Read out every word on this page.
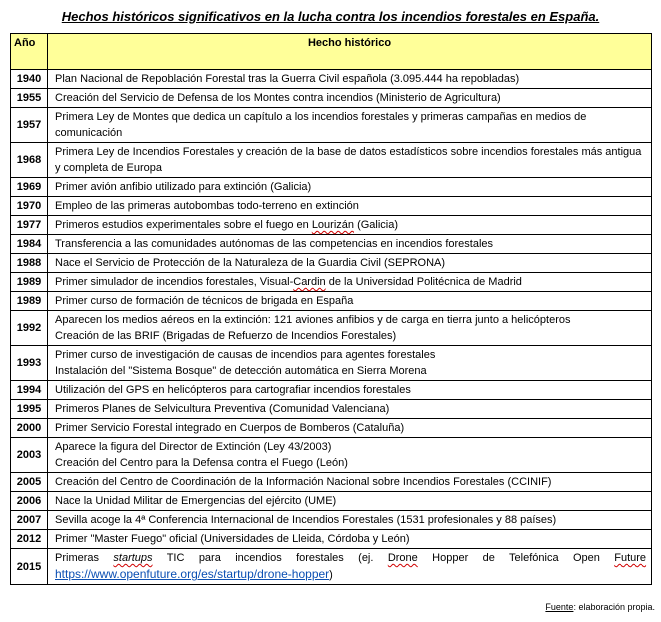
Hechos históricos significativos en la lucha contra los incendios forestales en España.
Año	Hecho histórico
1940	Plan Nacional de Repoblación Forestal tras la Guerra Civil española (3.095.444 ha repobladas)

1955	Creación del Servicio de Defensa de los Montes contra incendios (Ministerio de Agricultura)

1957	Primera Ley de Montes que dedica un capítulo a los incendios forestales y primeras campañas en medios de comunicación

1968	Primera Ley de Incendios Forestales y creación de la base de datos estadísticos sobre incendios forestales más antigua y completa de Europa

1969	Primer avión anfibio utilizado para extinción (Galicia)

1970	Empleo de las primeras autobombas todo-terreno en extinción

1977	Primeros estudios experimentales sobre el fuego en Lourizán (Galicia)

1984	Transferencia a las comunidades autónomas de las competencias en incendios forestales

1988	Nace el Servicio de Protección de la Naturaleza de la Guardia Civil (SEPRONA)

1989	Primer simulador de incendios forestales, Visual-Cardin de la Universidad Politécnica de Madrid

1989	Primer curso de formación de técnicos de brigada en España

1992	Aparecen los medios aéreos en la extinción: 121 aviones anfibios y de carga en tierra junto a helicópteros
Creación de las BRIF (Brigadas de Refuerzo de Incendios Forestales)

1993	Primer curso de investigación de causas de incendios para agentes forestales
Instalación del "Sistema Bosque" de detección automática en Sierra Morena

1994	Utilización del GPS en helicópteros para cartografiar incendios forestales

1995	Primeros Planes de Selvicultura Preventiva (Comunidad Valenciana)

2000	Primer Servicio Forestal integrado en Cuerpos de Bomberos (Cataluña)

2003	Aparece la figura del Director de Extinción (Ley 43/2003)
Creación del Centro para la Defensa contra el Fuego (León)

2005	Creación del Centro de Coordinación de la Información Nacional sobre Incendios Forestales (CCINIF)

2006	Nace la Unidad Militar de Emergencias del ejército (UME)

2007	Sevilla acoge la 4ª Conferencia Internacional de Incendios Forestales (1531 profesionales y 88 países)

2012	Primer "Master Fuego" oficial (Universidades de Lleida, Córdoba y León)

2015	Primeras startups TIC para incendios forestales (ej. Drone Hopper de Telefónica Open Future
https://www.openfuture.org/es/startup/drone-hopper)
Fuente: elaboración propia.
